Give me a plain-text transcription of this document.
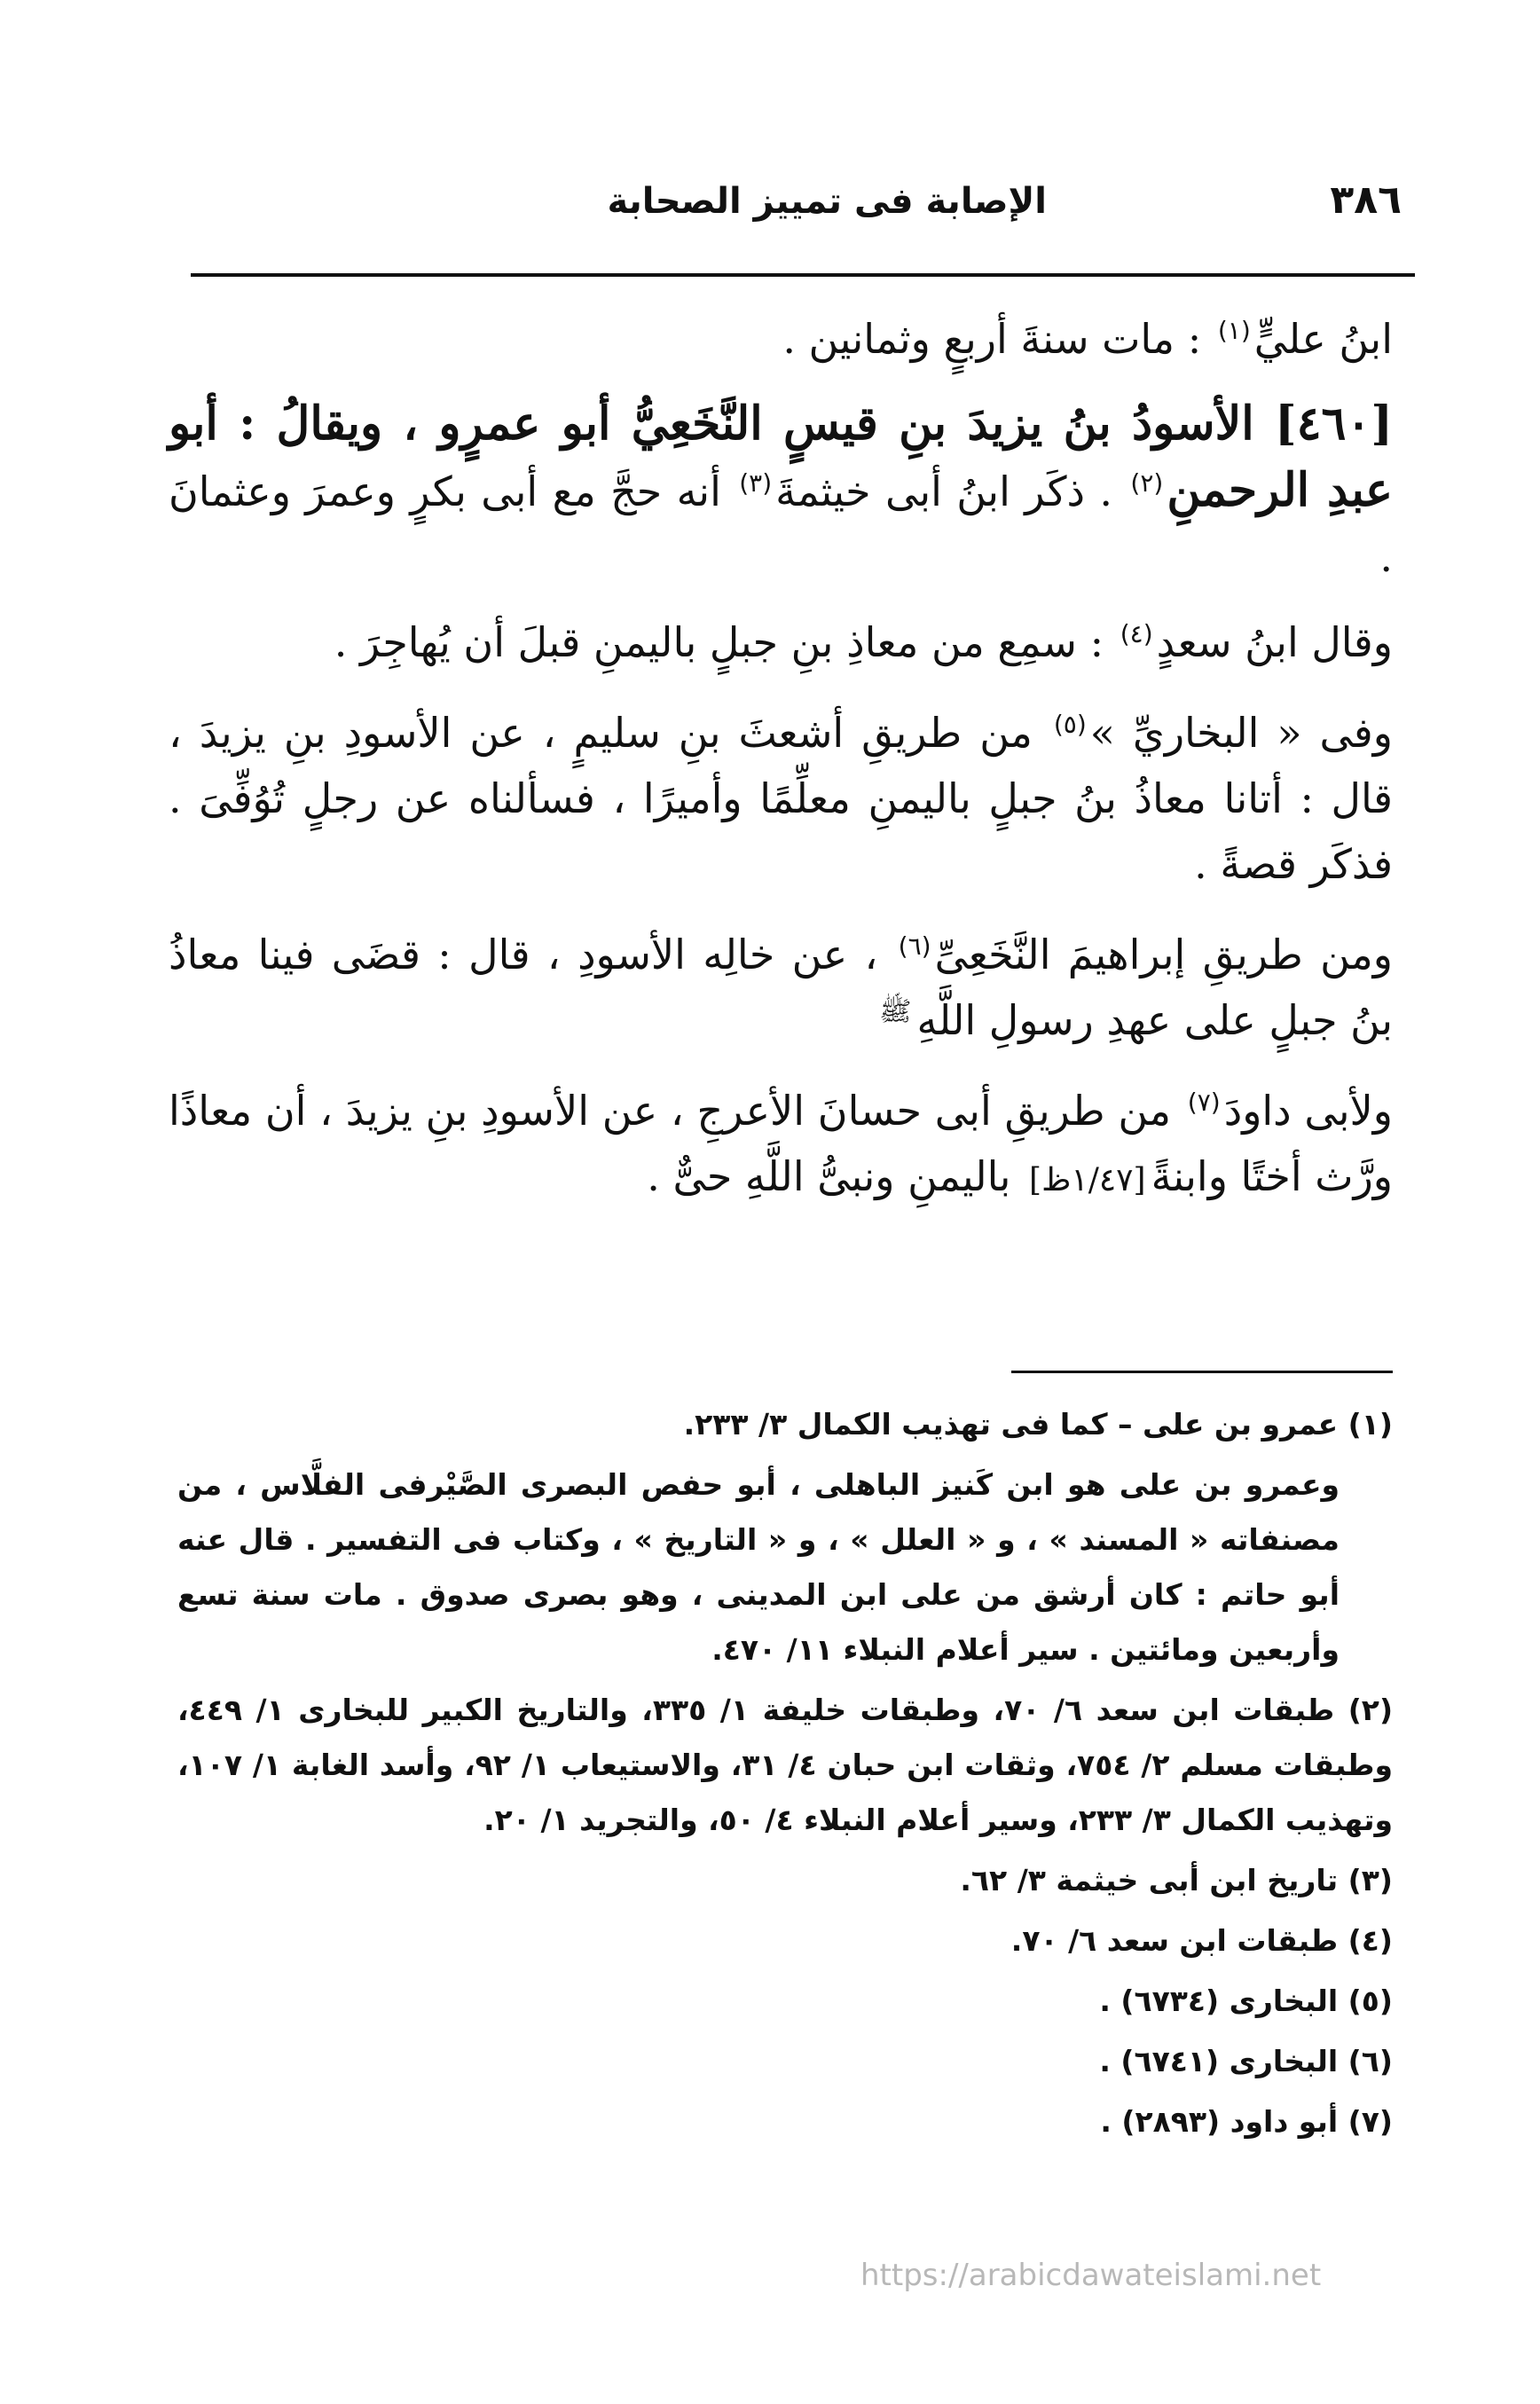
٣٨٦
الإصابة فى تمييز الصحابة

ابنُ عليٍّ$^{(١)}$ : مات سنةَ أربعٍ وثمانين .

[٤٦٠] الأسودُ بنُ يزيدَ بنِ قيسٍ النَّخَعِيُّ أبو عمرٍو ، ويقالُ : أبو عبدِ الرحمنِ$^{(٢)}$ . ذكَر ابنُ أبى خيثمةَ$^{(٣)}$ أنه حجَّ مع أبى بكرٍ وعمرَ وعثمانَ .

وقال ابنُ سعدٍ$^{(٤)}$ : سمِع من معاذِ بنِ جبلٍ باليمنِ قبلَ أن يُهاجِرَ .

وفى « البخاريِّ »$^{(٥)}$ من طريقِ أشعثَ بنِ سليمٍ ، عن الأسودِ بنِ يزيدَ ، قال : أتانا معاذُ بنُ جبلٍ باليمنِ معلِّمًا وأميرًا ، فسألناه عن رجلٍ تُوُفِّىَ . فذكَر قصةً .

ومن طريقِ إبراهيمَ النَّخَعِىِّ$^{(٦)}$ ، عن خالِه الأسودِ ، قال : قضَى فينا معاذُ بنُ جبلٍ على عهدِ رسولِ اللَّهِ$^ﷺ$

ولأبى داودَ$^{(٧)}$ من طريقِ أبى حسانَ الأعرجِ ، عن الأسودِ بنِ يزيدَ ، أن معاذًا ورَّث أختًا وابنةً[١/٤٧ظ] باليمنِ ونبىُّ اللَّهِ حىٌّ .

(١) عمرو بن على – كما فى تهذيب الكمال ٣/ ٢٣٣.

وعمرو بن على هو ابن كَنيز الباهلى ، أبو حفص البصرى الصَّيْرفى الفلَّاس ، من مصنفاته « المسند » ، و « العلل » ، و « التاريخ » ، وكتاب فى التفسير . قال عنه أبو حاتم : كان أرشق من على ابن المدينى ، وهو بصرى صدوق . مات سنة تسع وأربعين ومائتين . سير أعلام النبلاء ١١/ ٤٧٠.

(٢) طبقات ابن سعد ٦/ ٧٠، وطبقات خليفة ١/ ٣٣٥، والتاريخ الكبير للبخارى ١/ ٤٤٩، وطبقات مسلم ٢/ ٧٥٤، وثقات ابن حبان ٤/ ٣١، والاستيعاب ١/ ٩٢، وأسد الغابة ١/ ١٠٧، وتهذيب الكمال ٣/ ٢٣٣، وسير أعلام النبلاء ٤/ ٥٠، والتجريد ١/ ٢٠.

(٣) تاريخ ابن أبى خيثمة ٣/ ٦٢.

(٤) طبقات ابن سعد ٦/ ٧٠.

(٥) البخارى (٦٧٣٤) .

(٦) البخارى (٦٧٤١) .

(٧) أبو داود (٢٨٩٣) .

https://arabicdawateislami.net
